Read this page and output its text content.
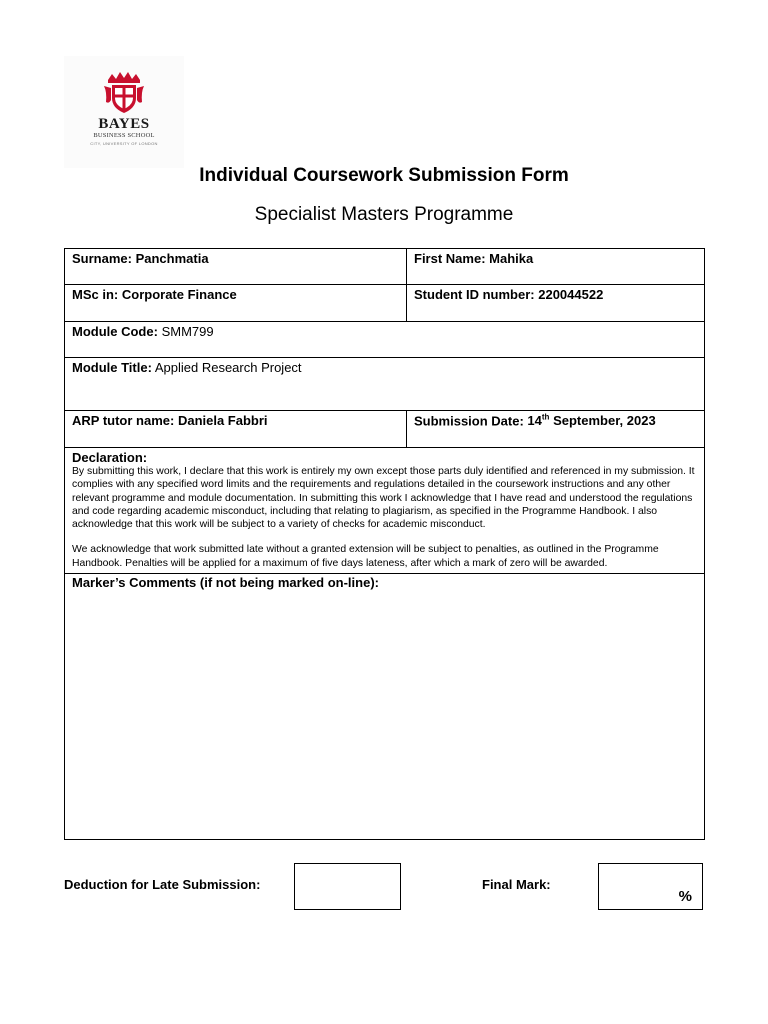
BAYES
BUSINESS SCHOOL
CITY, UNIVERSITY OF LONDON
Individual Coursework Submission Form
Specialist Masters Programme
Surname: Panchmatia	First Name: Mahika
MSc in: Corporate Finance	Student ID number: 220044522
Module Code: SMM799
Module Title: Applied Research Project
ARP tutor name: Daniela Fabbri	Submission Date: 14th September, 2023
Declaration:

By submitting this work, I declare that this work is entirely my own except those parts duly identified and referenced in my submission. It complies with any specified word limits and the requirements and regulations detailed in the coursework instructions and any other relevant programme and module documentation. In submitting this work I acknowledge that I have read and understood the regulations and code regarding academic misconduct, including that relating to plagiarism, as specified in the Programme Handbook. I also acknowledge that this work will be subject to a variety of checks for academic misconduct.

We acknowledge that work submitted late without a granted extension will be subject to penalties, as outlined in the Programme Handbook. Penalties will be applied for a maximum of five days lateness, after which a mark of zero will be awarded.

Marker’s Comments (if not being marked on-line):
Deduction for Late Submission:	Final Mark:
%
